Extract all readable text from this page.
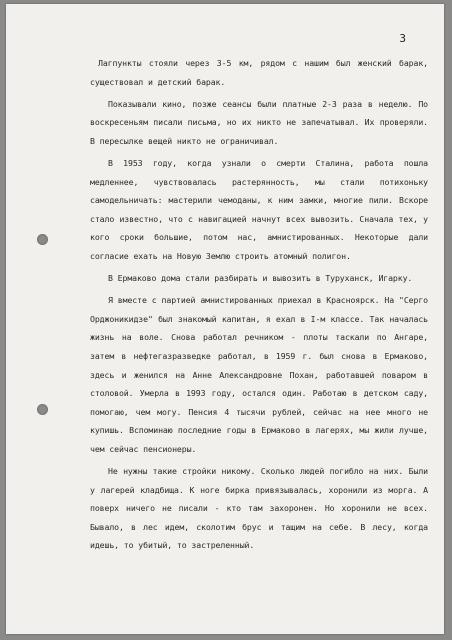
3

Лагпункты стояли через 3-5 км, рядом с нашим был женский барак, существовал и детский барак.

Показывали кино, позже сеансы были платные 2-3 раза в неделю. По воскресеньям писали письма, но их никто не запечатывал. Их проверяли. В пересылке вещей никто не ограничивал.

В 1953 году, когда узнали о смерти Сталина, работа пошла медленнее, чувствовалась растерянность, мы стали потихоньку самодельничать: мастерили чемоданы, к ним замки, многие пили. Вскоре стало известно, что с навигацией начнут всех вывозить. Сначала тех, у кого сроки большие, потом нас, амнистированных. Некоторые дали согласие ехать на Новую Землю строить атомный полигон.

В Ермаково дома стали разбирать и вывозить в Туруханск, Игарку.

Я вместе с партией амнистированных приехал в Красноярск. На "Серго Орджоникидзе" был знакомый капитан, я ехал в I-м классе. Так началась жизнь на воле. Снова работал речником - плоты таскали по Ангаре, затем в нефтегазразведке работал, в 1959 г. был снова в Ермаково, здесь и женился на Анне Александровне Похан, работавшей поваром в столовой. Умерла в 1993 году, остался один. Работаю в детском саду, помогаю, чем могу. Пенсия 4 тысячи рублей, сейчас на нее много не купишь. Вспоминаю последние годы в Ермаково в лагерях, мы жили лучше, чем сейчас пенсионеры.

Не нужны такие стройки никому. Сколько людей погибло на них. Были у лагерей кладбища. К ноге бирка привязывалась, хоронили из морга. А поверх ничего не писали - кто там захоронен. Но хоронили не всех. Бывало, в лес идем, сколотим брус и тащим на себе. В лесу, когда идешь, то убитый, то застреленный.
